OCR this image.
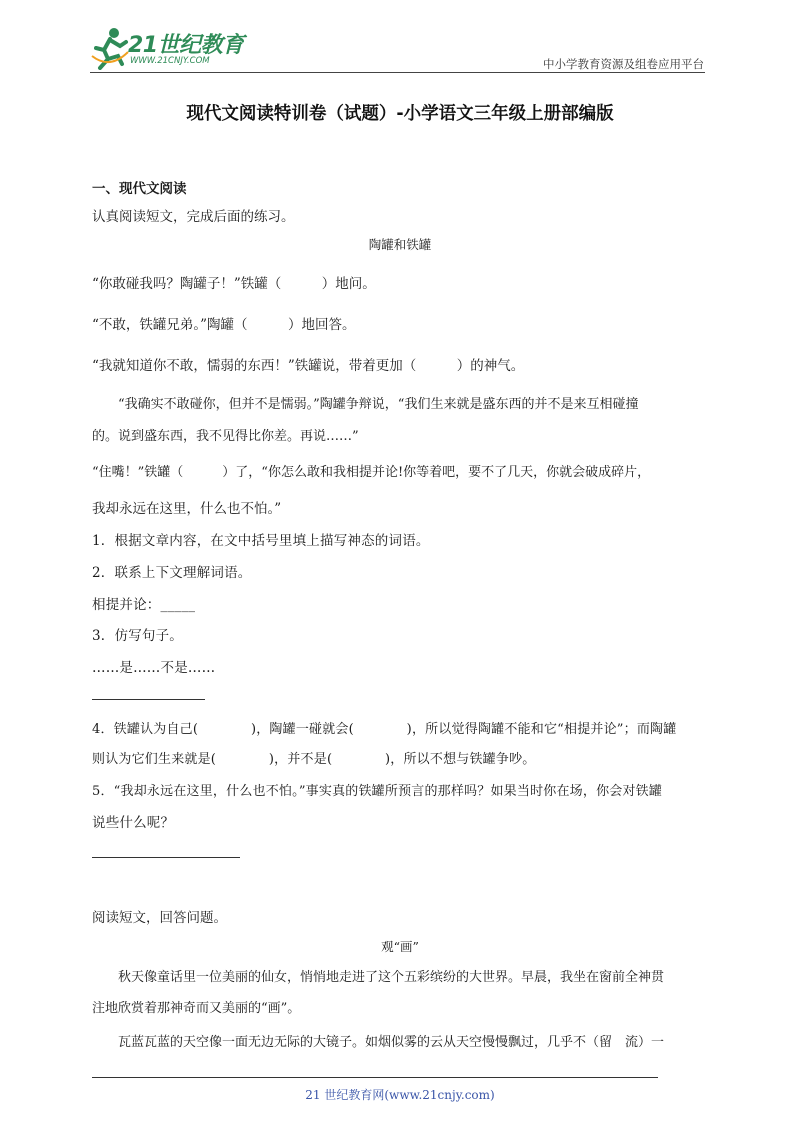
21世纪教育
WWW.21CNJY.COM	中小学教育资源及组卷应用平台
现代文阅读特训卷（试题）-小学语文三年级上册部编版
一、现代文阅读
认真阅读短文，完成后面的练习。
陶罐和铁罐
“你敢碰我吗？陶罐子！”铁罐（　　　）地问。
“不敢，铁罐兄弟。”陶罐（　　　）地回答。
“我就知道你不敢，懦弱的东西！”铁罐说，带着更加（　　　）的神气。
　　“我确实不敢碰你，但并不是懦弱。”陶罐争辩说，“我们生来就是盛东西的并不是来互相碰撞
的。说到盛东西，我不见得比你差。再说……”
“住嘴！”铁罐（　　　）了，“你怎么敢和我相提并论!你等着吧，要不了几天，你就会破成碎片，
我却永远在这里，什么也不怕。”
1．根据文章内容，在文中括号里填上描写神态的词语。
2．联系上下文理解词语。
相提并论：_____
3．仿写句子。
……是……不是……
4．铁罐认为自己(　　　　)，陶罐一碰就会(　　　　)，所以觉得陶罐不能和它“相提并论”；而陶罐
则认为它们生来就是(　　　　)，并不是(　　　　)，所以不想与铁罐争吵。
5．“我却永远在这里，什么也不怕。”事实真的铁罐所预言的那样吗？如果当时你在场，你会对铁罐
说些什么呢？
阅读短文，回答问题。
观“画”
　　秋天像童话里一位美丽的仙女，悄悄地走进了这个五彩缤纷的大世界。早晨，我坐在窗前全神贯
注地欣赏着那神奇而又美丽的“画”。
　　瓦蓝瓦蓝的天空像一面无边无际的大镜子。如烟似雾的云从天空慢慢飘过，几乎不（留　流）一
21 世纪教育网(www.21cnjy.com)
